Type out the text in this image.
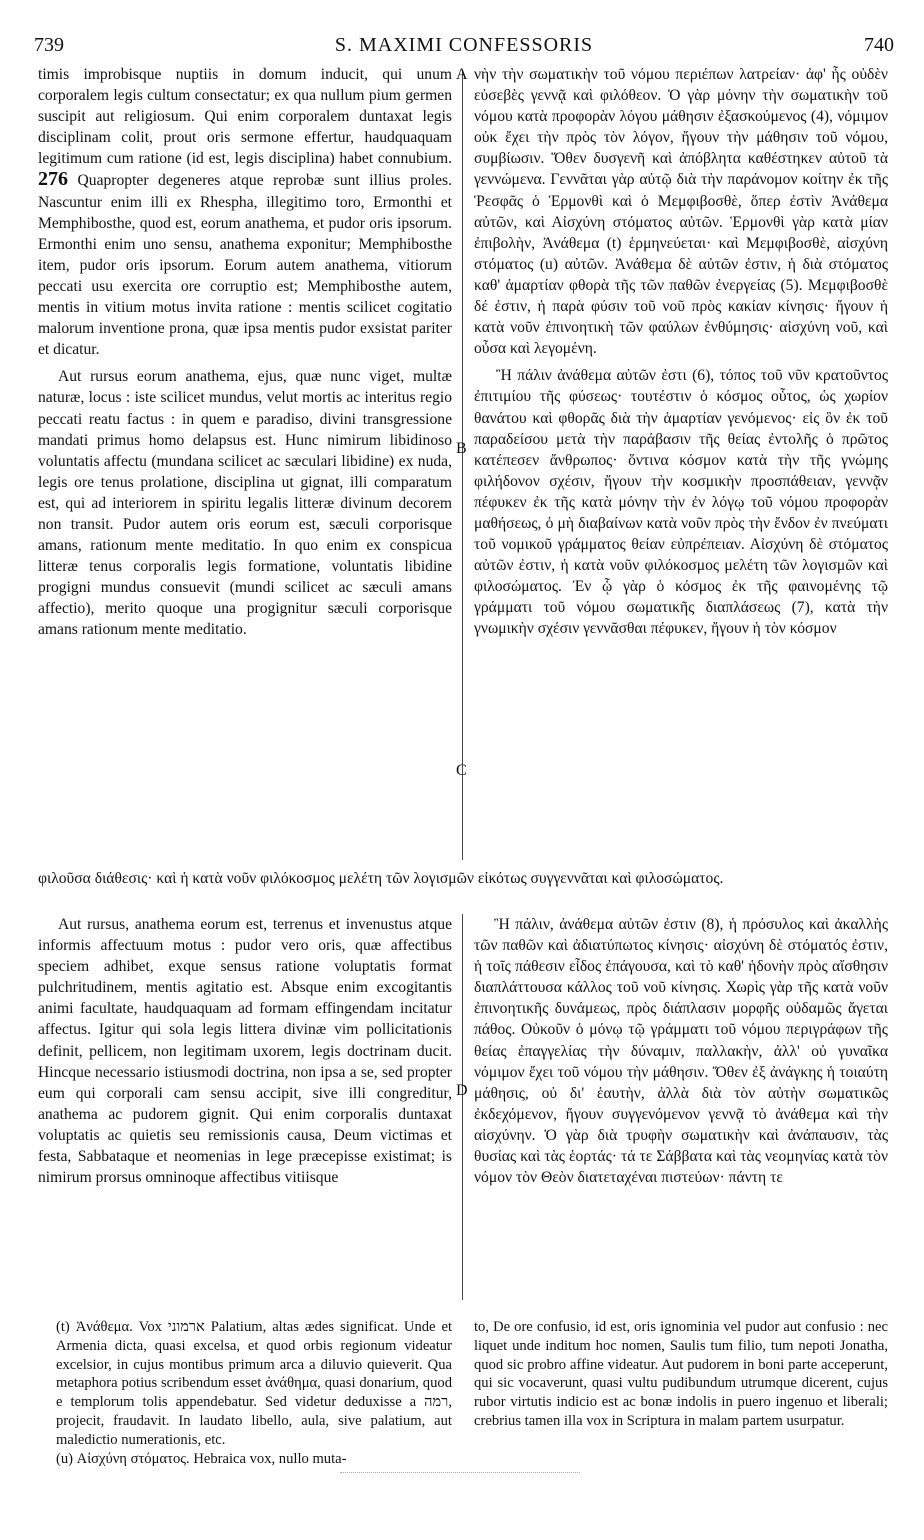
739	S. MAXIMI CONFESSORIS	740
A
B
C
D

timis improbisque nuptiis in domum inducit, qui unum corporalem legis cultum consectatur; ex qua nullum pium germen suscipit aut religiosum. Qui enim corporalem duntaxat legis disciplinam colit, prout oris sermone effertur, haudquaquam legitimum cum ratione (id est, legis disciplina) habet connubium. 276 Quapropter degeneres atque reprobæ sunt illius proles. Nascuntur enim illi ex Rhespha, illegitimo toro, Ermonthi et Memphibosthe, quod est, eorum anathema, et pudor oris ipsorum. Ermonthi enim uno sensu, anathema exponitur; Memphibosthe item, pudor oris ipsorum. Eorum autem anathema, vitiorum peccati usu exercita ore corruptio est; Memphibosthe autem, mentis in vitium motus invita ratione : mentis scilicet cogitatio malorum inventione prona, quæ ipsa mentis pudor exsistat pariter et dicatur.

Aut rursus eorum anathema, ejus, quæ nunc viget, multæ naturæ, locus : iste scilicet mundus, velut mortis ac interitus regio peccati reatu factus : in quem e paradiso, divini transgressione mandati primus homo delapsus est. Hunc nimirum libidinoso voluntatis affectu (mundana scilicet ac sæculari libidine) ex nuda, legis ore tenus prolatione, disciplina ut gignat, illi comparatum est, qui ad interiorem in spiritu legalis litteræ divinum decorem non transit. Pudor autem oris eorum est, sæculi corporisque amans, rationum mente meditatio. In quo enim ex conspicua litteræ tenus corporalis legis formatione, voluntatis libidine progigni mundus consuevit (mundi scilicet ac sæculi amans affectio), merito quoque una progignitur sæculi corporisque amans rationum mente meditatio.

νὴν τὴν σωματικὴν τοῦ νόμου περιέπων λατρείαν· ἀφ' ἧς οὐδὲν εὐσεβὲς γεννᾷ καὶ φιλόθεον. Ὁ γὰρ μόνην τὴν σωματικὴν τοῦ νόμου κατὰ προφορὰν λόγου μάθησιν ἐξασκούμενος (4), νόμιμον οὐκ ἔχει τὴν πρὸς τὸν λόγον, ἤγουν τὴν μάθησιν τοῦ νόμου, συμβίωσιν. Ὅθεν δυσγενῆ καὶ ἀπόβλητα καθέστηκεν αὐτοῦ τὰ γεννώμενα. Γεννᾶται γὰρ αὐτῷ διὰ τὴν παράνομον κοίτην ἐκ τῆς Ῥεσφᾶς ὁ Ἑρμονθὶ καὶ ὁ Μεμφιβοσθὲ, ὅπερ ἐστὶν Ἀνάθεμα αὐτῶν, καὶ Αἰσχύνη στόματος αὐτῶν. Ἑρμονθὶ γὰρ κατὰ μίαν ἐπιβολὴν, Ἀνάθεμα (t) ἑρμηνεύεται· καὶ Μεμφιβοσθὲ, αἰσχύνη στόματος (u) αὐτῶν. Ἀνάθεμα δὲ αὐτῶν ἐστιν, ἡ διὰ στόματος καθ' ἁμαρτίαν φθορὰ τῆς τῶν παθῶν ἐνεργείας (5). Μεμφιβοσθὲ δέ ἐστιν, ἡ παρὰ φύσιν τοῦ νοῦ πρὸς κακίαν κίνησις· ἤγουν ἡ κατὰ νοῦν ἐπινοητικὴ τῶν φαύλων ἐνθύμησις· αἰσχύνη νοῦ, καὶ οὖσα καὶ λεγομένη.

Ἢ πάλιν ἀνάθεμα αὐτῶν ἐστι (6), τόπος τοῦ νῦν κρατοῦντος ἐπιτιμίου τῆς φύσεως· τουτέστιν ὁ κόσμος οὗτος, ὡς χωρίον θανάτου καὶ φθορᾶς διὰ τὴν ἁμαρτίαν γενόμενος· εἰς ὃν ἐκ τοῦ παραδείσου μετὰ τὴν παράβασιν τῆς θείας ἐντολῆς ὁ πρῶτος κατέπεσεν ἄνθρωπος· ὅντινα κόσμον κατὰ τὴν τῆς γνώμης φιλήδονον σχέσιν, ἤγουν τὴν κοσμικὴν προσπάθειαν, γεννᾷν πέφυκεν ἐκ τῆς κατὰ μόνην τὴν ἐν λόγῳ τοῦ νόμου προφορὰν μαθήσεως, ὁ μὴ διαβαίνων κατὰ νοῦν πρὸς τὴν ἔνδον ἐν πνεύματι τοῦ νομικοῦ γράμματος θείαν εὐπρέπειαν. Αἰσχύνη δὲ στόματος αὐτῶν ἐστιν, ἡ κατὰ νοῦν φιλόκοσμος μελέτη τῶν λογισμῶν καὶ φιλοσώματος. Ἐν ᾧ γὰρ ὁ κόσμος ἐκ τῆς φαινομένης τῷ γράμματι τοῦ νόμου σωματικῆς διαπλάσεως (7), κατὰ τὴν γνωμικὴν σχέσιν γεννᾶσθαι πέφυκεν, ἤγουν ἡ τὸν κόσμον

φιλοῦσα διάθεσις· καὶ ἡ κατὰ νοῦν φιλόκοσμος μελέτη τῶν λογισμῶν εἰκότως συγγεννᾶται καὶ φιλοσώματος.

Aut rursus, anathema eorum est, terrenus et invenustus atque informis affectuum motus : pudor vero oris, quæ affectibus speciem adhibet, exque sensus ratione voluptatis format pulchritudinem, mentis agitatio est. Absque enim excogitantis animi facultate, haudquaquam ad formam effingendam incitatur affectus. Igitur qui sola legis littera divinæ vim pollicitationis definit, pellicem, non legitimam uxorem, legis doctrinam ducit. Hincque necessario istiusmodi doctrina, non ipsa a se, sed propter eum qui corporali cam sensu accipit, sive illi congreditur, anathema ac pudorem gignit. Qui enim corporalis duntaxat voluptatis ac quietis seu remissionis causa, Deum victimas et festa, Sabbataque et neomenias in lege præcepisse existimat; is nimirum prorsus omninoque affectibus vitiisque

Ἢ πάλιν, ἀνάθεμα αὐτῶν ἐστιν (8), ἡ πρόσυλος καὶ ἀκαλλὴς τῶν παθῶν καὶ ἀδιατύπωτος κίνησις· αἰσχύνη δὲ στόματός ἐστιν, ἡ τοῖς πάθεσιν εἶδος ἐπάγουσα, καὶ τὸ καθ' ἡδονὴν πρὸς αἴσθησιν διαπλάττουσα κάλλος τοῦ νοῦ κίνησις. Χωρὶς γὰρ τῆς κατὰ νοῦν ἐπινοητικῆς δυνάμεως, πρὸς διάπλασιν μορφῆς οὐδαμῶς ἄγεται πάθος. Οὐκοῦν ὁ μόνῳ τῷ γράμματι τοῦ νόμου περιγράφων τῆς θείας ἐπαγγελίας τὴν δύναμιν, παλλακὴν, ἀλλ' οὐ γυναῖκα νόμιμον ἔχει τοῦ νόμου τὴν μάθησιν. Ὅθεν ἐξ ἀνάγκης ἡ τοιαύτη μάθησις, οὐ δι' ἑαυτὴν, ἀλλὰ διὰ τὸν αὐτὴν σωματικῶς ἐκδεχόμενον, ἤγουν συγγενόμενον γεννᾷ τὸ ἀνάθεμα καὶ τὴν αἰσχύνην. Ὁ γὰρ διὰ τρυφὴν σωματικὴν καὶ ἀνάπαυσιν, τὰς θυσίας καὶ τὰς ἑορτάς· τά τε Σάββατα καὶ τὰς νεομηνίας κατὰ τὸν νόμον τὸν Θεὸν διατεταχέναι πιστεύων· πάντη τε

(t) Ἀνάθεμα. Vox ארמוני Palatium, altas ædes significat. Unde et Armenia dicta, quasi excelsa, et quod orbis regionum videatur excelsior, in cujus montibus primum arca a diluvio quieverit. Qua metaphora potius scribendum esset ἀνάθημα, quasi donarium, quod e templorum tolis appendebatur. Sed videtur deduxisse a רמה, projecit, fraudavit. In laudato libello, aula, sive palatium, aut maledictio numerationis, etc.

(u) Αἰσχύνη στόματος. Hebraica vox, nullo muta-

to, De ore confusio, id est, oris ignominia vel pudor aut confusio : nec liquet unde inditum hoc nomen, Saulis tum filio, tum nepoti Jonatha, quod sic probro affine videatur. Aut pudorem in boni parte acceperunt, qui sic vocaverunt, quasi vultu pudibundum utrumque dicerent, cujus rubor virtutis indicio est ac bonæ indolis in puero ingenuo et liberali; crebrius tamen illa vox in Scriptura in malam partem usurpatur.
